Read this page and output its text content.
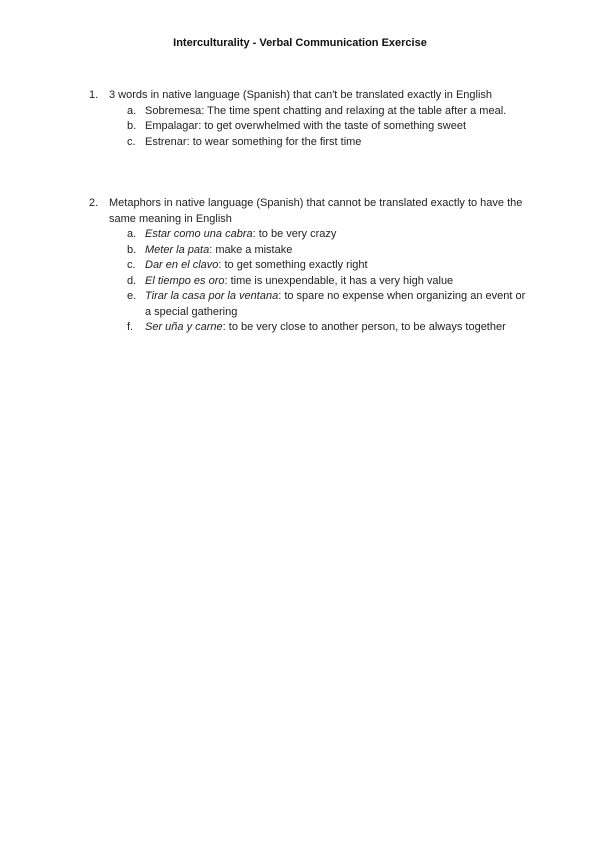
Interculturality - Verbal Communication Exercise
1. 3 words in native language (Spanish) that can't be translated exactly in English
a. Sobremesa: The time spent chatting and relaxing at the table after a meal.
b. Empalagar: to get overwhelmed with the taste of something sweet
c. Estrenar: to wear something for the first time
2. Metaphors in native language (Spanish) that cannot be translated exactly to have the same meaning in English
a. Estar como una cabra: to be very crazy
b. Meter la pata: make a mistake
c. Dar en el clavo: to get something exactly right
d. El tiempo es oro: time is unexpendable, it has a very high value
e. Tirar la casa por la ventana: to spare no expense when organizing an event or a special gathering
f. Ser uña y carne: to be very close to another person, to be always together
